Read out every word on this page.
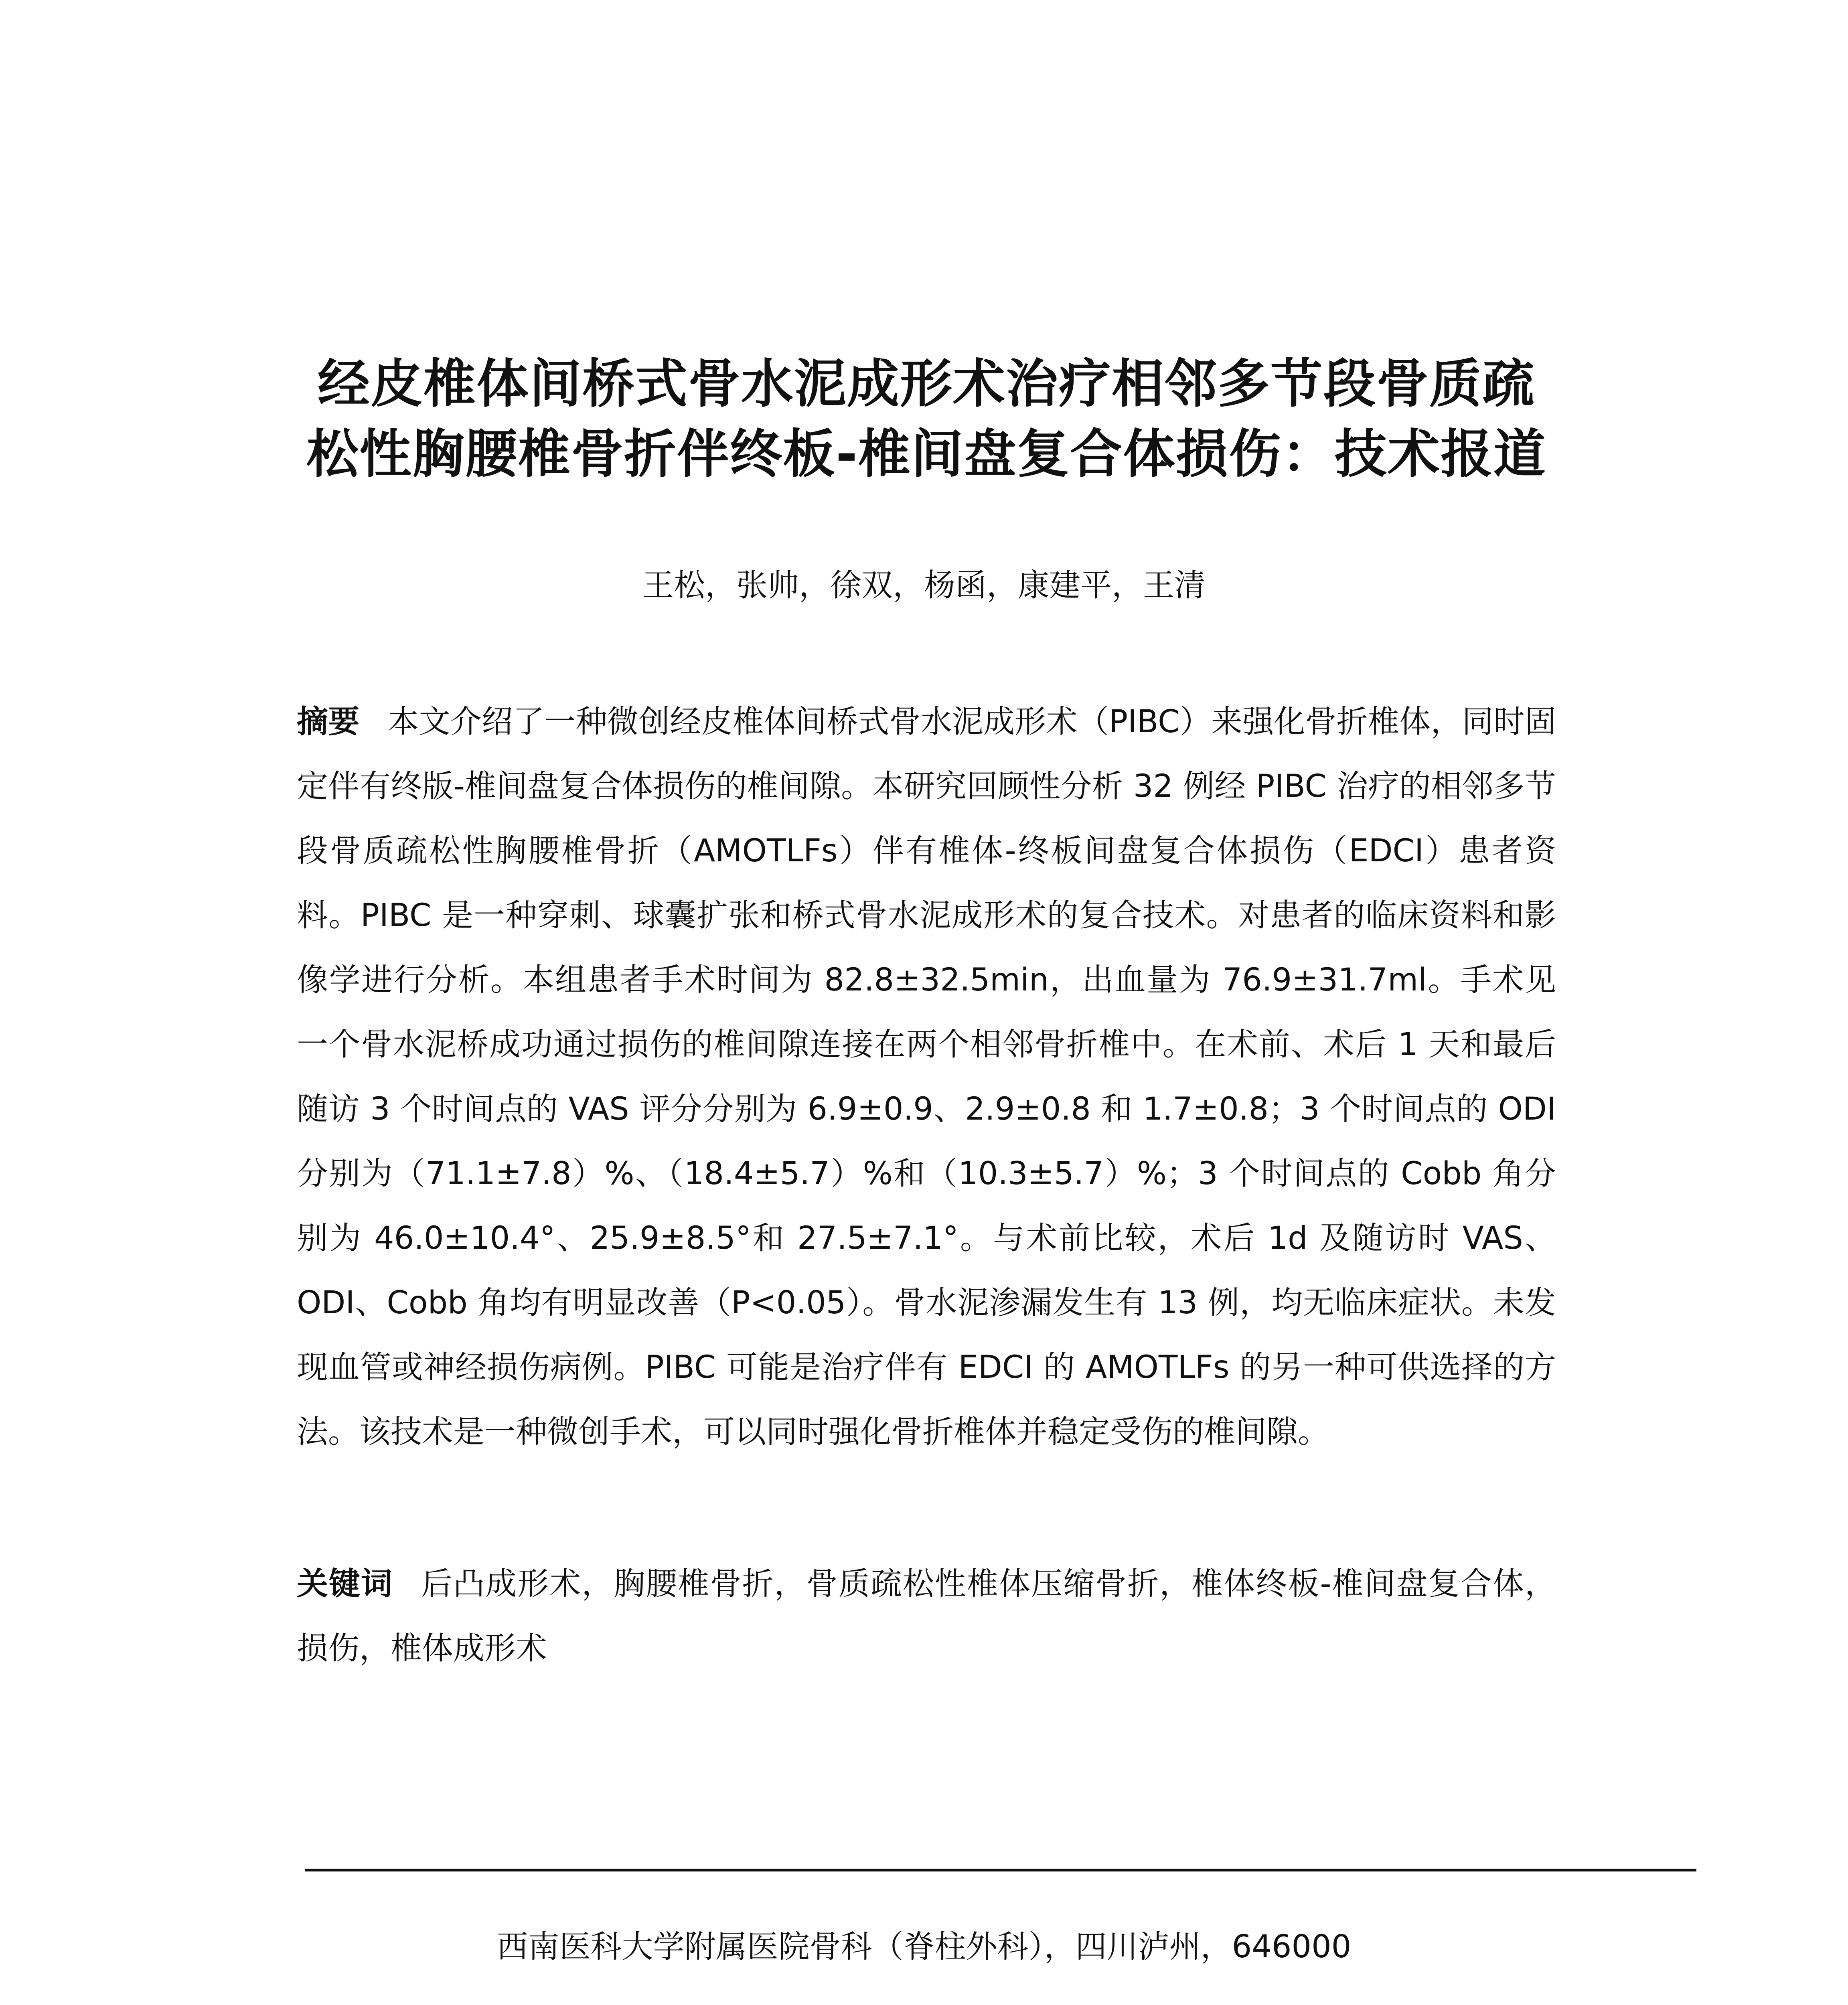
经皮椎体间桥式骨水泥成形术治疗相邻多节段骨质疏
松性胸腰椎骨折伴终板-椎间盘复合体损伤：技术报道
王松，张帅，徐双，杨函，康建平，王清
摘要 本文介绍了一种微创经皮椎体间桥式骨水泥成形术（PIBC）来强化骨折椎体，同时固定伴有终版-椎间盘复合体损伤的椎间隙。本研究回顾性分析 32 例经 PIBC 治疗的相邻多节段骨质疏松性胸腰椎骨折（AMOTLFs）伴有椎体-终板间盘复合体损伤（EDCI）患者资料。PIBC 是一种穿刺、球囊扩张和桥式骨水泥成形术的复合技术。对患者的临床资料和影像学进行分析。本组患者手术时间为 82.8±32.5min，出血量为 76.9±31.7ml。手术见一个骨水泥桥成功通过损伤的椎间隙连接在两个相邻骨折椎中。在术前、术后 1 天和最后随访 3 个时间点的 VAS 评分分别为 6.9±0.9、2.9±0.8 和 1.7±0.8；3 个时间点的 ODI 分别为（71.1±7.8）%、（18.4±5.7）%和（10.3±5.7）%；3 个时间点的 Cobb 角分别为 46.0±10.4°、25.9±8.5°和 27.5±7.1°。与术前比较，术后 1d 及随访时 VAS、ODI、Cobb 角均有明显改善（P<0.05）。骨水泥渗漏发生有 13 例，均无临床症状。未发现血管或神经损伤病例。PIBC 可能是治疗伴有 EDCI 的 AMOTLFs 的另一种可供选择的方法。该技术是一种微创手术，可以同时强化骨折椎体并稳定受伤的椎间隙。
关键词 后凸成形术，胸腰椎骨折，骨质疏松性椎体压缩骨折，椎体终板-椎间盘复合体，损伤，椎体成形术
西南医科大学附属医院骨科（脊柱外科），四川泸州，646000
